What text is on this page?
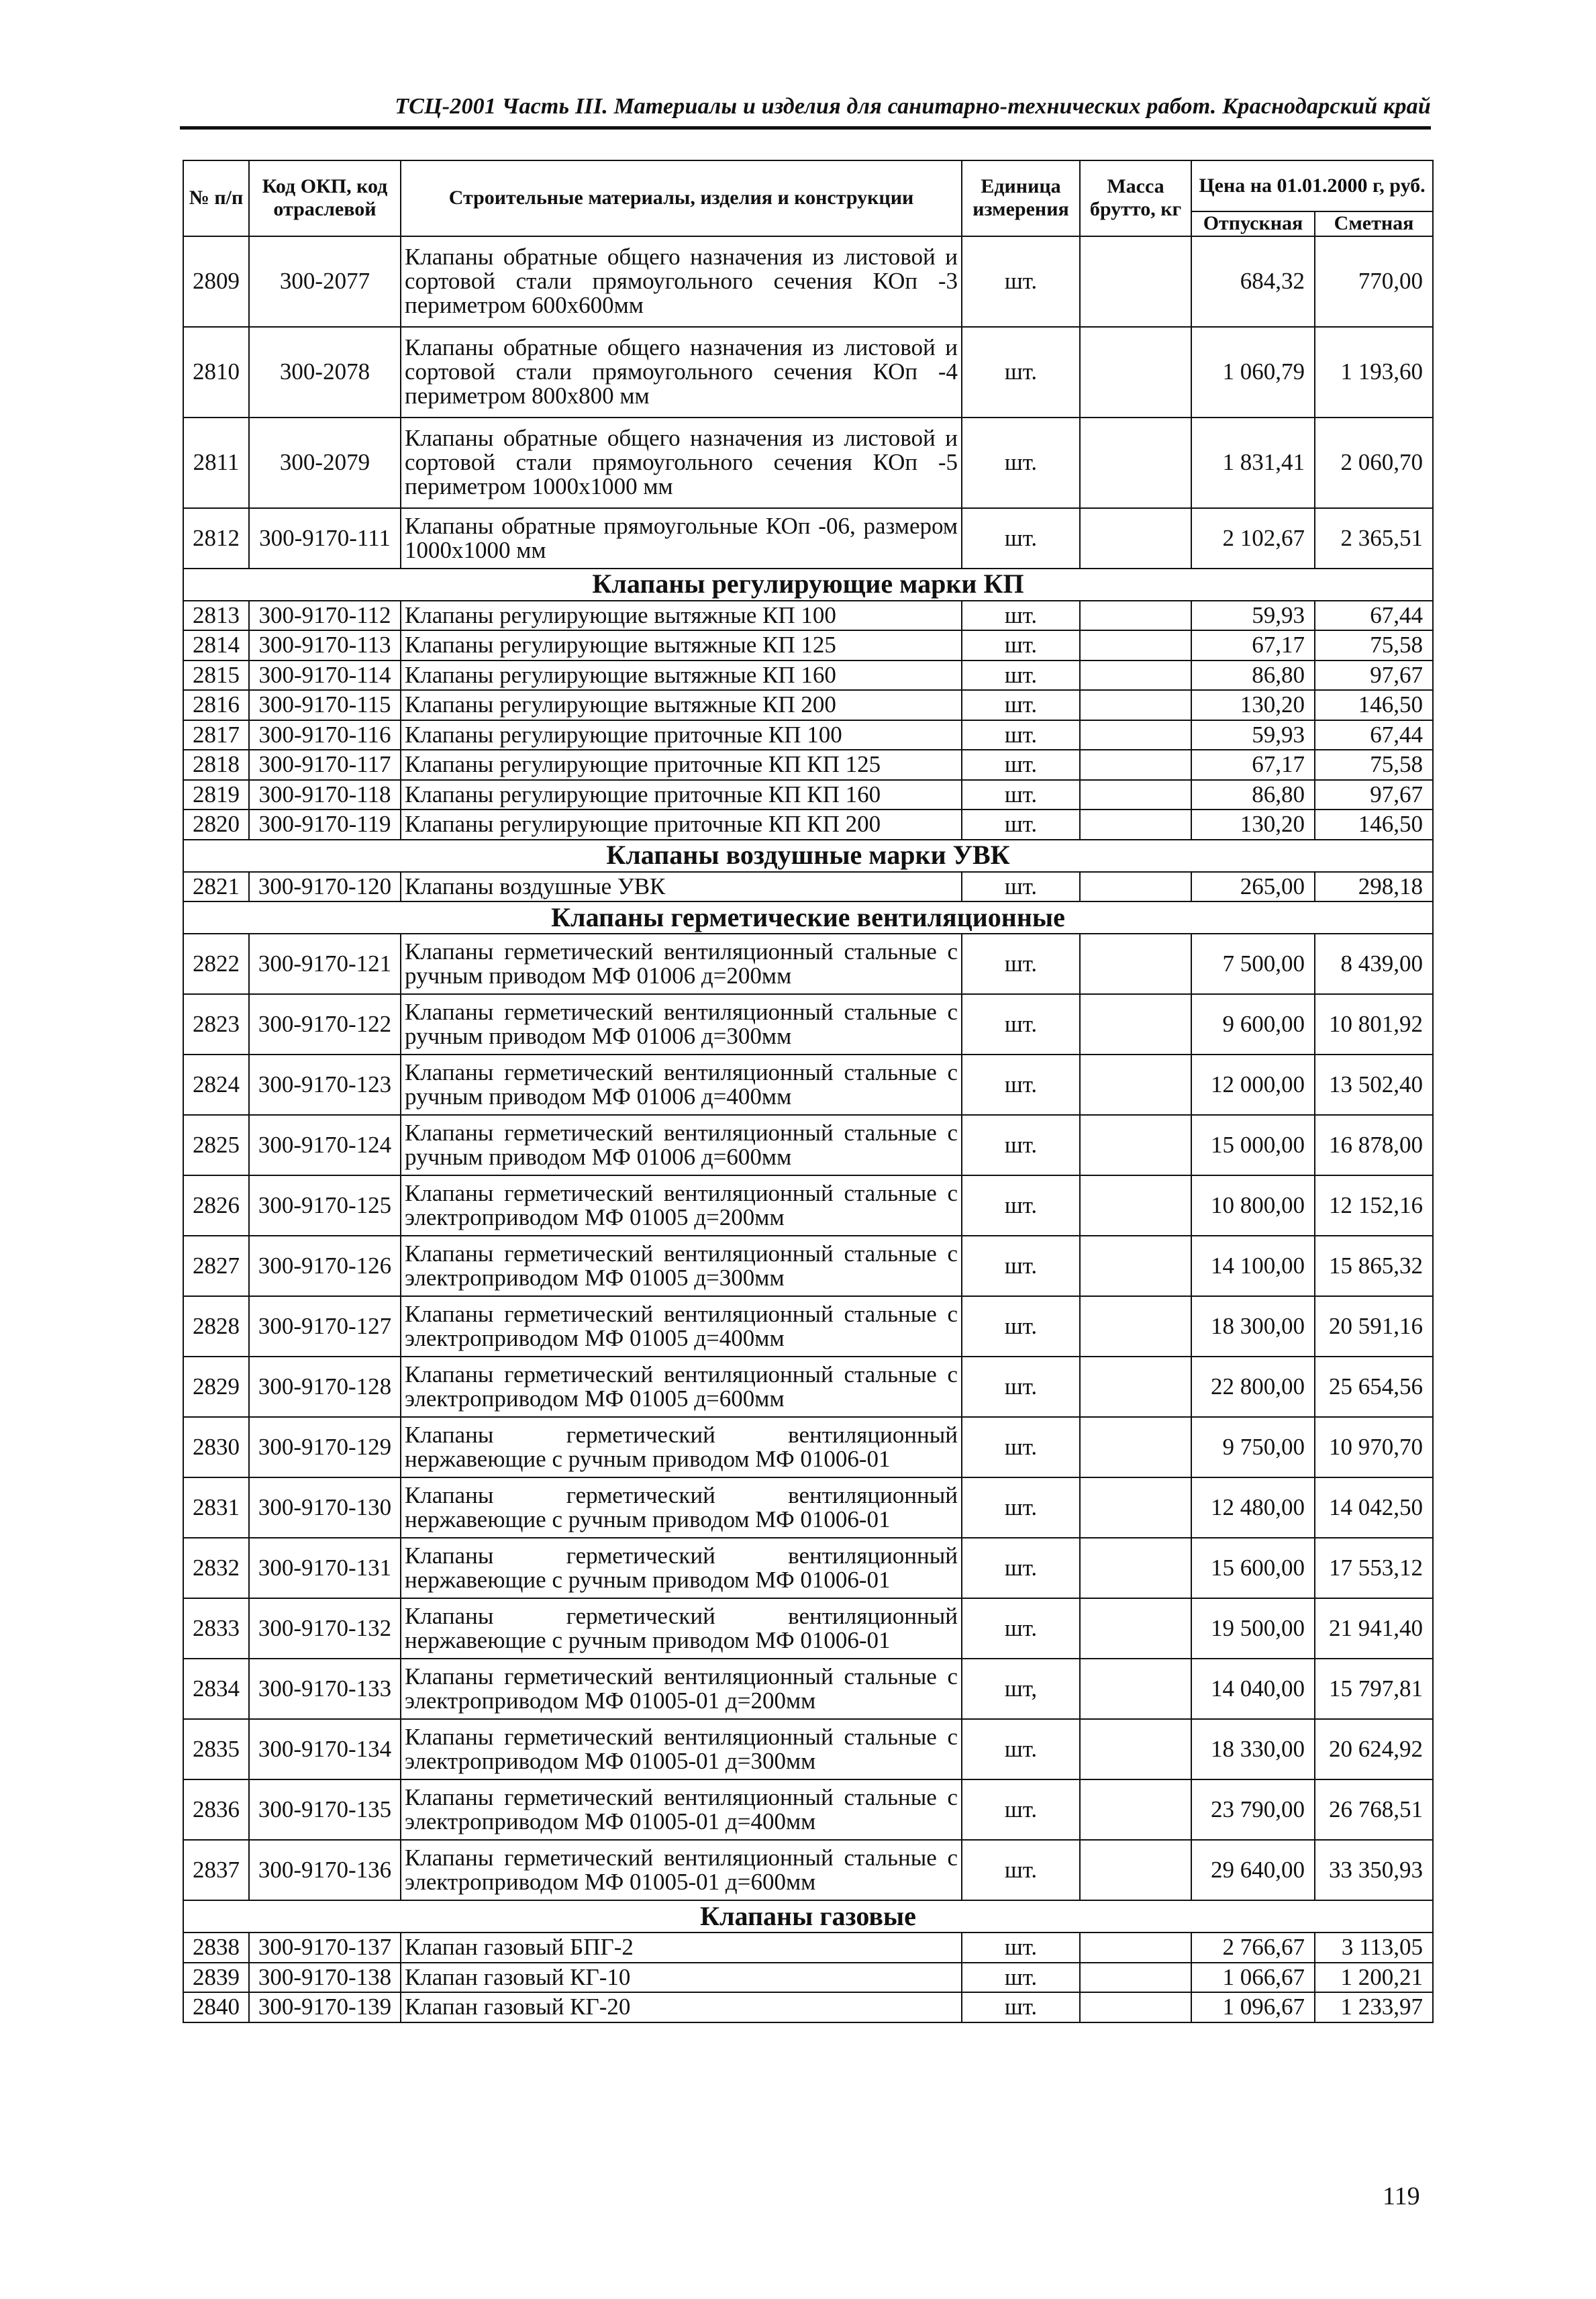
ТСЦ-2001 Часть III. Материалы и изделия для санитарно-технических работ. Краснодарский край
№ п/п	Код ОКП, код отраслевой	Строительные материалы, изделия и конструкции	Единица измерения	Масса брутто, кг	Цена на 01.01.2000 г, руб.	
					Отпускная	Сметная
2809	300-2077	Клапаны обратные общего назначения из листовой и сортовой стали прямоугольного сечения КОп -3 периметром 600х600мм	шт.		684,32	770,00
2810	300-2078	Клапаны обратные общего назначения из листовой и сортовой стали прямоугольного сечения КОп -4 периметром 800х800 мм	шт.		1 060,79	1 193,60
2811	300-2079	Клапаны обратные общего назначения из листовой и сортовой стали прямоугольного сечения КОп -5 периметром 1000х1000 мм	шт.		1 831,41	2 060,70
2812	300-9170-111	Клапаны обратные прямоугольные КОп -06, размером 1000х1000 мм	шт.		2 102,67	2 365,51
Клапаны регулирующие марки КП						
2813	300-9170-112	Клапаны регулирующие вытяжные КП 100	шт.		59,93	67,44
2814	300-9170-113	Клапаны регулирующие вытяжные КП 125	шт.		67,17	75,58
2815	300-9170-114	Клапаны регулирующие вытяжные КП 160	шт.		86,80	97,67
2816	300-9170-115	Клапаны регулирующие вытяжные КП 200	шт.		130,20	146,50
2817	300-9170-116	Клапаны регулирующие приточные КП 100	шт.		59,93	67,44
2818	300-9170-117	Клапаны регулирующие приточные КП КП 125	шт.		67,17	75,58
2819	300-9170-118	Клапаны регулирующие приточные КП КП 160	шт.		86,80	97,67
2820	300-9170-119	Клапаны регулирующие приточные КП КП 200	шт.		130,20	146,50
Клапаны воздушные марки УВК						
2821	300-9170-120	Клапаны воздушные УВК	шт.		265,00	298,18
Клапаны герметические вентиляционные						
2822	300-9170-121	Клапаны герметический вентиляционный стальные с ручным приводом МФ 01006 д=200мм	шт.		7 500,00	8 439,00
2823	300-9170-122	Клапаны герметический вентиляционный стальные с ручным приводом МФ 01006 д=300мм	шт.		9 600,00	10 801,92
2824	300-9170-123	Клапаны герметический вентиляционный стальные с ручным приводом МФ 01006 д=400мм	шт.		12 000,00	13 502,40
2825	300-9170-124	Клапаны герметический вентиляционный стальные с ручным приводом МФ 01006 д=600мм	шт.		15 000,00	16 878,00
2826	300-9170-125	Клапаны герметический вентиляционный стальные с электроприводом МФ 01005 д=200мм	шт.		10 800,00	12 152,16
2827	300-9170-126	Клапаны герметический вентиляционный стальные с электроприводом МФ 01005 д=300мм	шт.		14 100,00	15 865,32
2828	300-9170-127	Клапаны герметический вентиляционный стальные с электроприводом МФ 01005 д=400мм	шт.		18 300,00	20 591,16
2829	300-9170-128	Клапаны герметический вентиляционный стальные с электроприводом МФ 01005 д=600мм	шт.		22 800,00	25 654,56
2830	300-9170-129	Клапаны герметический вентиляционный нержавеющие с ручным приводом МФ 01006-01	шт.		9 750,00	10 970,70
2831	300-9170-130	Клапаны герметический вентиляционный нержавеющие с ручным приводом МФ 01006-01	шт.		12 480,00	14 042,50
2832	300-9170-131	Клапаны герметический вентиляционный нержавеющие с ручным приводом МФ 01006-01	шт.		15 600,00	17 553,12
2833	300-9170-132	Клапаны герметический вентиляционный нержавеющие с ручным приводом МФ 01006-01	шт.		19 500,00	21 941,40
2834	300-9170-133	Клапаны герметический вентиляционный стальные с электроприводом МФ 01005-01 д=200мм	шт,		14 040,00	15 797,81
2835	300-9170-134	Клапаны герметический вентиляционный стальные с электроприводом МФ 01005-01 д=300мм	шт.		18 330,00	20 624,92
2836	300-9170-135	Клапаны герметический вентиляционный стальные с электроприводом МФ 01005-01 д=400мм	шт.		23 790,00	26 768,51
2837	300-9170-136	Клапаны герметический вентиляционный стальные с электроприводом МФ 01005-01 д=600мм	шт.		29 640,00	33 350,93
Клапаны газовые						
2838	300-9170-137	Клапан газовый БПГ-2	шт.		2 766,67	3 113,05
2839	300-9170-138	Клапан газовый КГ-10	шт.		1 066,67	1 200,21
2840	300-9170-139	Клапан газовый КГ-20	шт.		1 096,67	1 233,97
119
